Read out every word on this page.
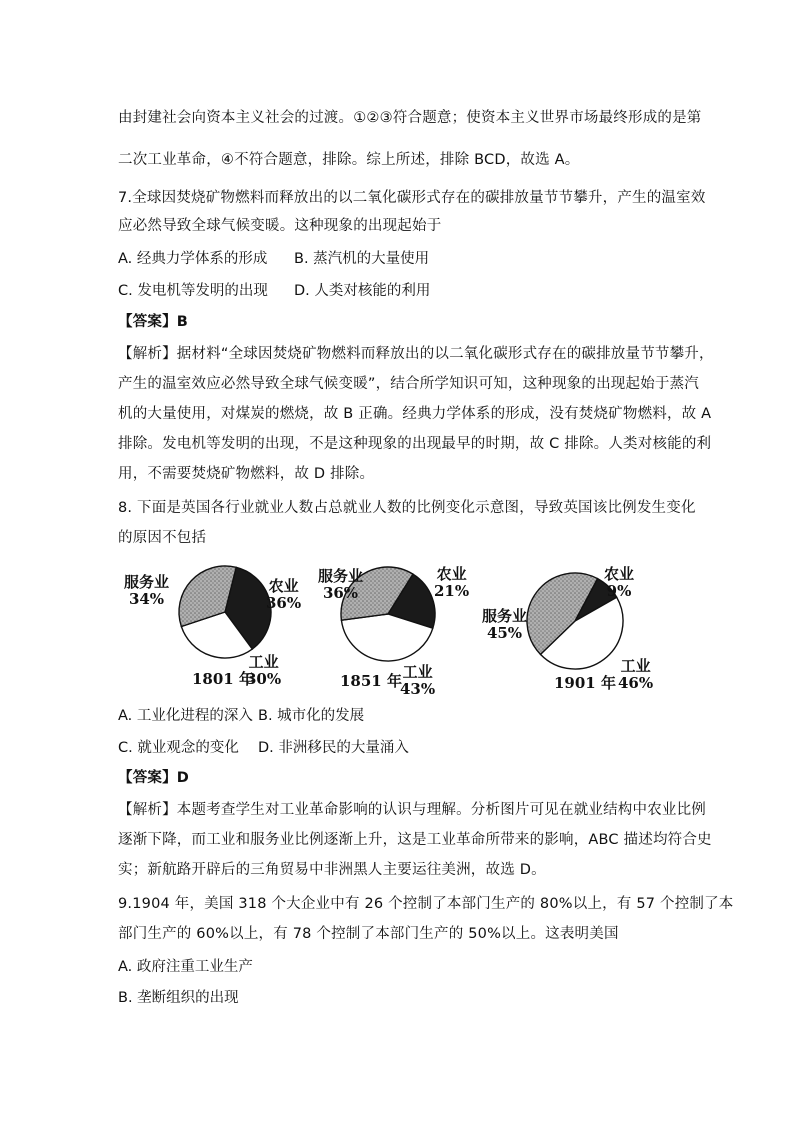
由封建社会向资本主义社会的过渡。①②③符合题意；使资本主义世界市场最终形成的是第
二次工业革命，④不符合题意，排除。综上所述，排除 BCD，故选 A。
7.全球因焚烧矿物燃料而释放出的以二氧化碳形式存在的碳排放量节节攀升，产生的温室效
应必然导致全球气候变暖。这种现象的出现起始于
A. 经典力学体系的形成 B. 蒸汽机的大量使用
C. 发电机等发明的出现 D. 人类对核能的利用
【答案】B
【解析】据材料“全球因焚烧矿物燃料而释放出的以二氧化碳形式存在的碳排放量节节攀升，
产生的温室效应必然导致全球气候变暖”，结合所学知识可知，这种现象的出现起始于蒸汽
机的大量使用，对煤炭的燃烧，故 B 正确。经典力学体系的形成，没有焚烧矿物燃料，故 A
排除。发电机等发明的出现，不是这种现象的出现最早的时期，故 C 排除。人类对核能的利
用，不需要焚烧矿物燃料，故 D 排除。
8. 下面是英国各行业就业人数占总就业人数的比例变化示意图，导致英国该比例发生变化
的原因不包括
服务业
34%
农业
36%
工业
30%
1801 年
服务业
36%
农业
21%
工业
43%
1851 年
服务业
45%
农业
9%
工业
46%
1901 年
A. 工业化进程的深入 B. 城市化的发展
C. 就业观念的变化 D. 非洲移民的大量涌入
【答案】D
【解析】本题考查学生对工业革命影响的认识与理解。分析图片可见在就业结构中农业比例
逐渐下降，而工业和服务业比例逐渐上升，这是工业革命所带来的影响，ABC 描述均符合史
实；新航路开辟后的三角贸易中非洲黑人主要运往美洲，故选 D。
9.1904 年，美国 318 个大企业中有 26 个控制了本部门生产的 80%以上，有 57 个控制了本
部门生产的 60%以上，有 78 个控制了本部门生产的 50%以上。这表明美国
A. 政府注重工业生产
B. 垄断组织的出现
